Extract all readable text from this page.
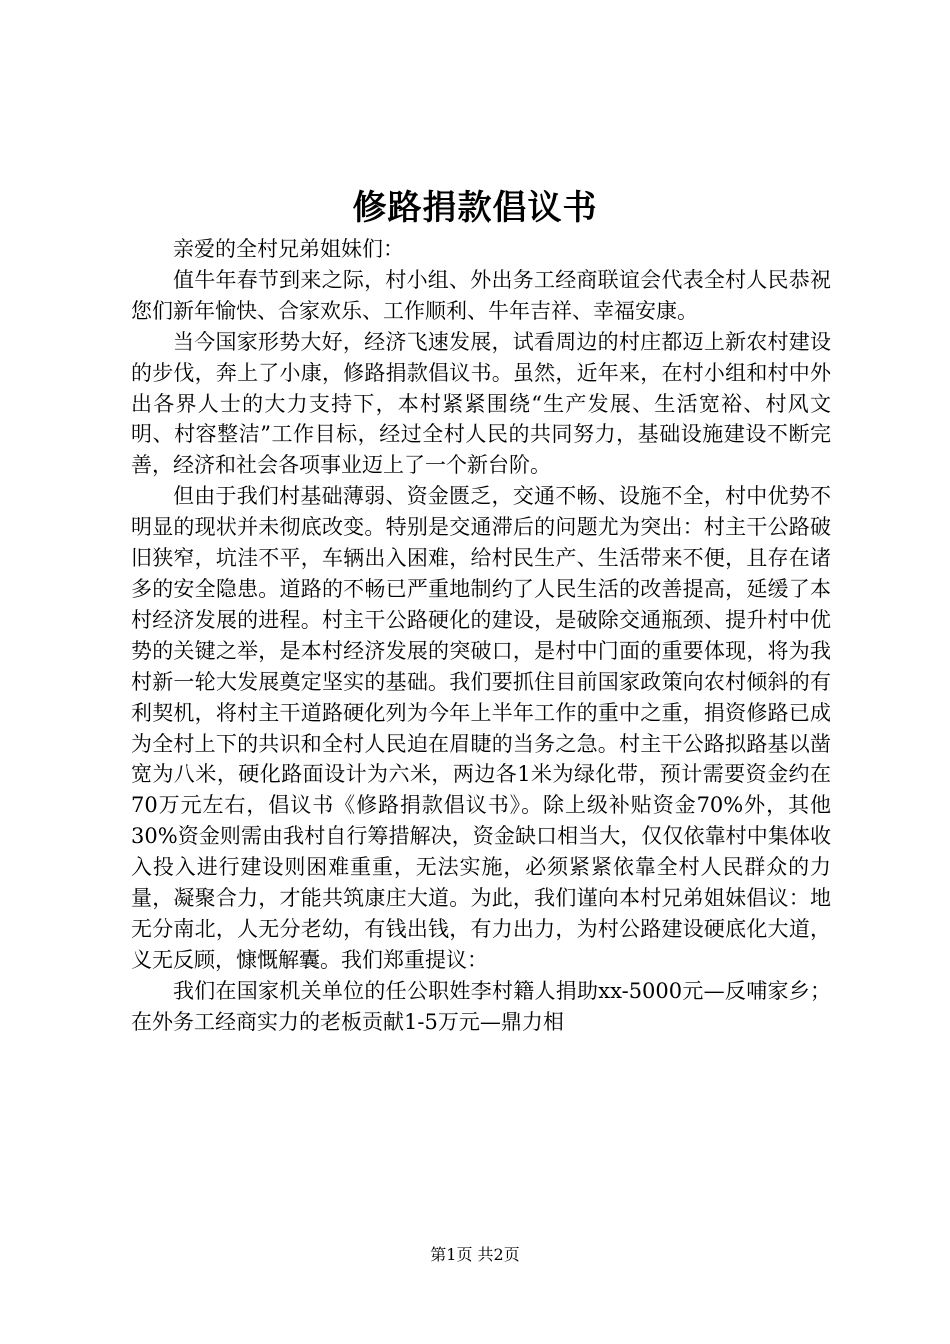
修路捐款倡议书

亲爱的全村兄弟姐妹们：

值牛年春节到来之际，村小组、外出务工经商联谊会代表全村人民恭祝您们新年愉快、合家欢乐、工作顺利、牛年吉祥、幸福安康。

当今国家形势大好，经济飞速发展，试看周边的村庄都迈上新农村建设的步伐，奔上了小康，修路捐款倡议书。虽然，近年来，在村小组和村中外出各界人士的大力支持下，本村紧紧围绕“生产发展、生活宽裕、村风文明、村容整洁”工作目标，经过全村人民的共同努力，基础设施建设不断完善，经济和社会各项事业迈上了一个新台阶。

但由于我们村基础薄弱、资金匮乏，交通不畅、设施不全，村中优势不明显的现状并未彻底改变。特别是交通滞后的问题尤为突出：村主干公路破旧狭窄，坑洼不平，车辆出入困难，给村民生产、生活带来不便，且存在诸多的安全隐患。道路的不畅已严重地制约了人民生活的改善提高，延缓了本村经济发展的进程。村主干公路硬化的建设，是破除交通瓶颈、提升村中优势的关键之举，是本村经济发展的突破口，是村中门面的重要体现，将为我村新一轮大发展奠定坚实的基础。我们要抓住目前国家政策向农村倾斜的有利契机，将村主干道路硬化列为今年上半年工作的重中之重，捐资修路已成为全村上下的共识和全村人民迫在眉睫的当务之急。村主干公路拟路基以凿宽为八米，硬化路面设计为六米，两边各1米为绿化带，预计需要资金约在70万元左右，倡议书《修路捐款倡议书》。除上级补贴资金70%外，其他30%资金则需由我村自行筹措解决，资金缺口相当大，仅仅依靠村中集体收入投入进行建设则困难重重，无法实施，必须紧紧依靠全村人民群众的力量，凝聚合力，才能共筑康庄大道。为此，我们谨向本村兄弟姐妹倡议：地无分南北，人无分老幼，有钱出钱，有力出力，为村公路建设硬底化大道，义无反顾，慷慨解囊。我们郑重提议：

我们在国家机关单位的任公职姓李村籍人捐助xx-5000元—反哺家乡；在外务工经商实力的老板贡献1-5万元—鼎力相

第1页 共2页
